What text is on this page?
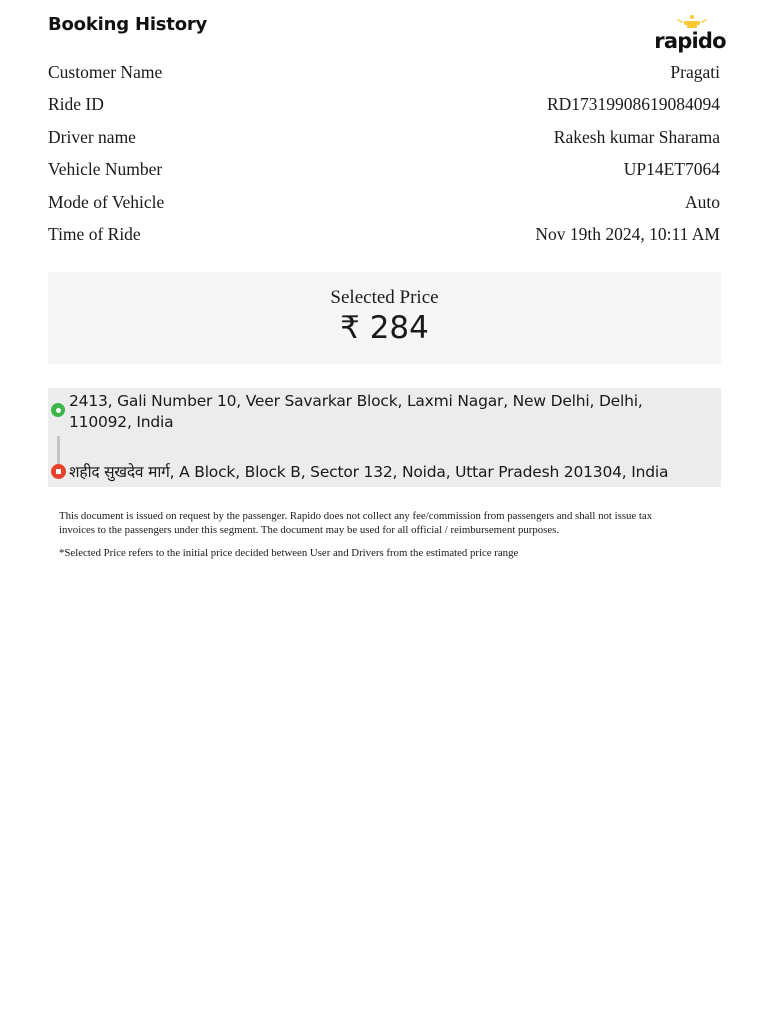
Booking History
rapido
Customer Name	Pragati
Ride ID	RD17319908619084094
Driver name	Rakesh kumar Sharama
Vehicle Number	UP14ET7064
Mode of Vehicle	Auto
Time of Ride	Nov 19th 2024, 10:11 AM
Selected Price
₹ 284
2413, Gali Number 10, Veer Savarkar Block, Laxmi Nagar, New Delhi, Delhi, 110092, India
शहीद सुखदेव मार्ग, A Block, Block B, Sector 132, Noida, Uttar Pradesh 201304, India

This document is issued on request by the passenger. Rapido does not collect any fee/commission from passengers and shall not issue tax invoices to the passengers under this segment. The document may be used for all official / reimbursement purposes.

*Selected Price refers to the initial price decided between User and Drivers from the estimated price range
